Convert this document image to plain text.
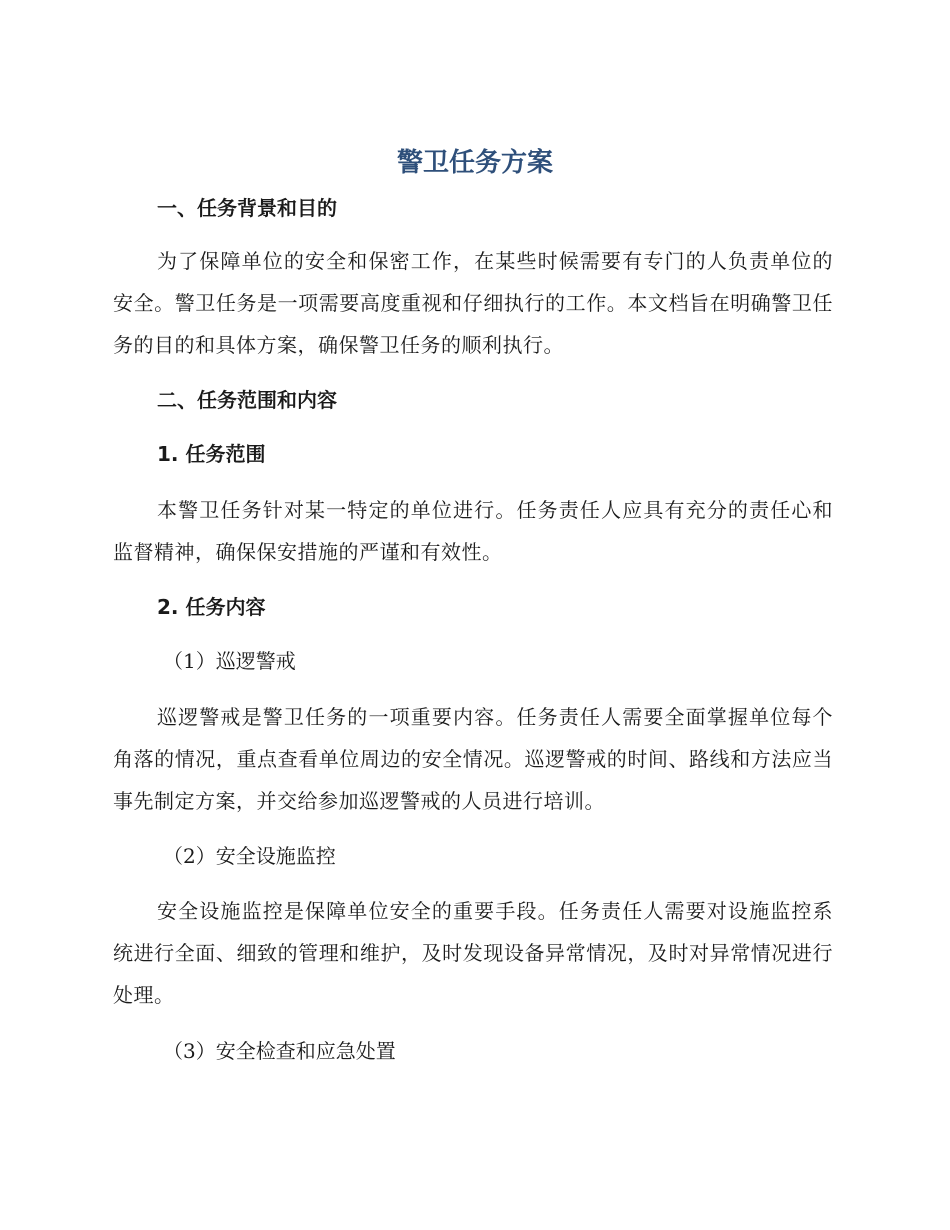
警卫任务方案
一、任务背景和目的

为了保障单位的安全和保密工作，在某些时候需要有专门的人负责单位的安全。警卫任务是一项需要高度重视和仔细执行的工作。本文档旨在明确警卫任务的目的和具体方案，确保警卫任务的顺利执行。

二、任务范围和内容
1. 任务范围

本警卫任务针对某一特定的单位进行。任务责任人应具有充分的责任心和监督精神，确保保安措施的严谨和有效性。

2. 任务内容
（1）巡逻警戒

巡逻警戒是警卫任务的一项重要内容。任务责任人需要全面掌握单位每个角落的情况，重点查看单位周边的安全情况。巡逻警戒的时间、路线和方法应当事先制定方案，并交给参加巡逻警戒的人员进行培训。

（2）安全设施监控

安全设施监控是保障单位安全的重要手段。任务责任人需要对设施监控系统进行全面、细致的管理和维护，及时发现设备异常情况，及时对异常情况进行处理。

（3）安全检查和应急处置
